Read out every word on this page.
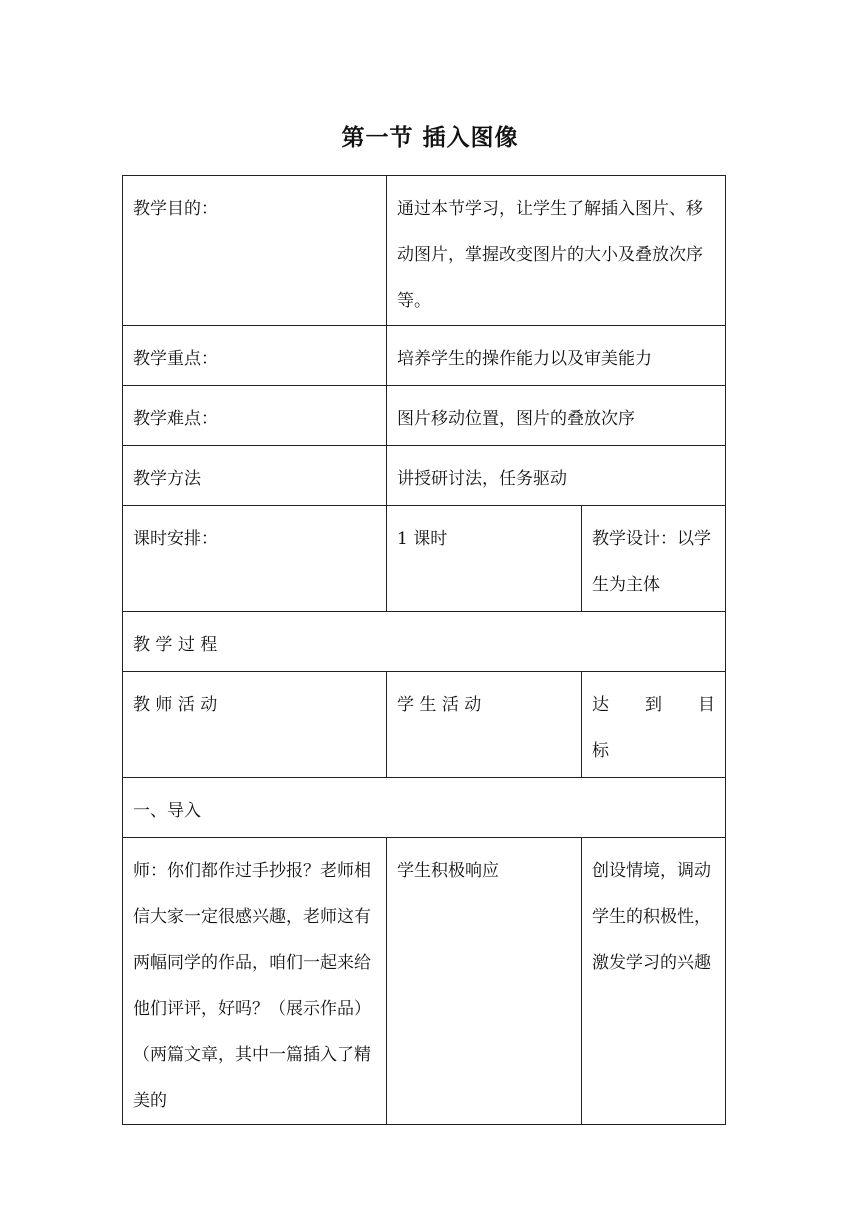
第一节 插入图像
教学目的：	通过本节学习，让学生了解插入图片、移动图片，掌握改变图片的大小及叠放次序等。	

教学重点：	培养学生的操作能力以及审美能力	

教学难点：	图片移动位置，图片的叠放次序	

教学方法	讲授研讨法，任务驱动	

课时安排：	1 课时	教学设计：以学生为主体

教 学 过 程		

教 师 活 动	学 生 活 动	达 到 目
标

一、导入		

师：你们都作过手抄报？老师相信大家一定很感兴趣，老师这有两幅同学的作品，咱们一起来给他们评评，好吗？（展示作品）（两篇文章，其中一篇插入了精美的	学生积极响应	创设情境，调动学生的积极性，激发学习的兴趣
